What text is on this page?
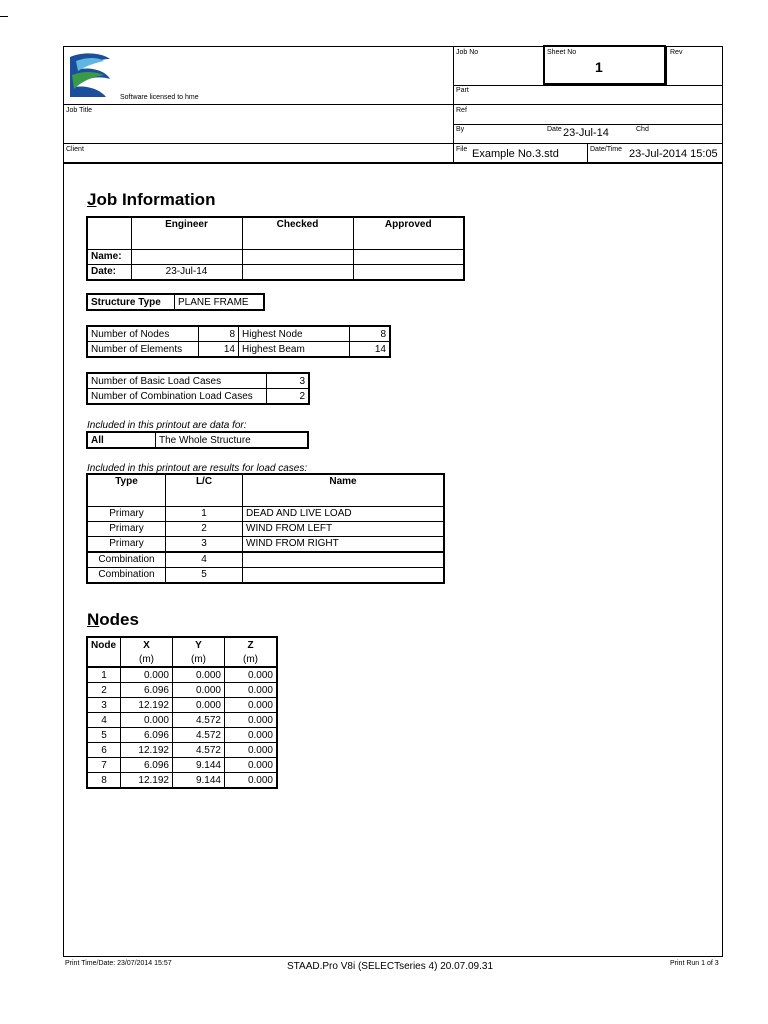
Software licensed to hme
Job No	Sheet No
1
Rev
Part
Job Title	Ref
By	Date 23-Jul-14	Chd
Client	File Example No.3.std	Date/Time 23-Jul-2014 15:05
Job Information
	Engineer	Checked	Approved
Name:			
Date:	23-Jul-14		
Structure Type	PLANE FRAME
Number of Nodes	8	Highest Node	8
Number of Elements	14	Highest Beam	14
Number of Basic Load Cases	3
Number of Combination Load Cases	2
Included in this printout are data for:
All	The Whole Structure
Included in this printout are results for load cases:
Type	L/C	Name
Primary	1	DEAD AND LIVE LOAD
Primary	2	WIND FROM LEFT
Primary	3	WIND FROM RIGHT
Combination	4	
Combination	5	
Nodes
Node	X	Y	Z
	(m)	(m)	(m)
1	0.000	0.000	0.000
2	6.096	0.000	0.000
3	12.192	0.000	0.000
4	0.000	4.572	0.000
5	6.096	4.572	0.000
6	12.192	4.572	0.000
7	6.096	9.144	0.000
8	12.192	9.144	0.000
Print Time/Date: 23/07/2014 15:57	STAAD.Pro V8i (SELECTseries 4) 20.07.09.31	Print Run 1 of 3
